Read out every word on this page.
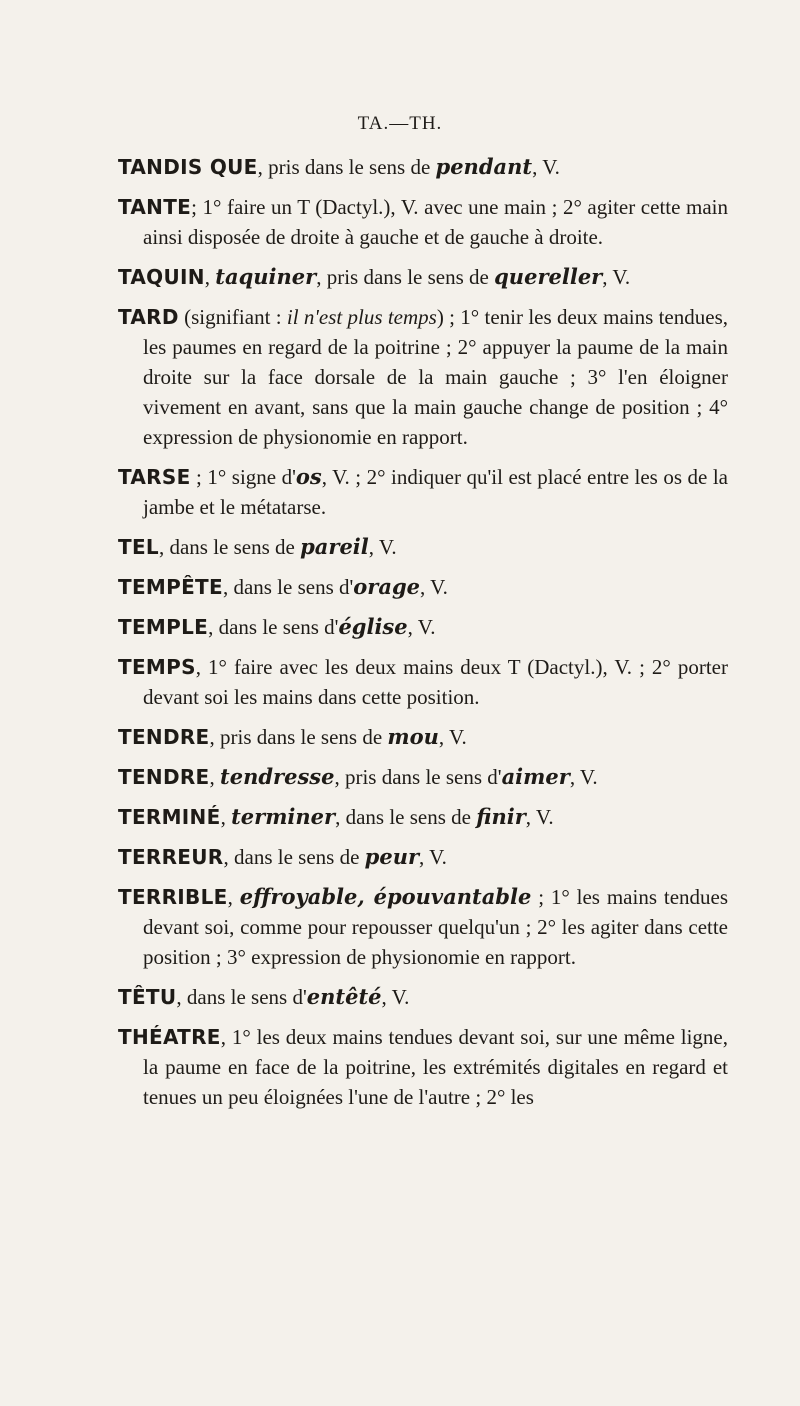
TA.—TH.

TANDIS QUE, pris dans le sens de pendant, V.

TANTE; 1° faire un T (Dactyl.), V. avec une main ; 2° agiter cette main ainsi disposée de droite à gauche et de gauche à droite.

TAQUIN, taquiner, pris dans le sens de quereller, V.

TARD (signifiant : il n'est plus temps) ; 1° tenir les deux mains tendues, les paumes en regard de la poitrine ; 2° appuyer la paume de la main droite sur la face dorsale de la main gauche ; 3° l'en éloigner vivement en avant, sans que la main gauche change de position ; 4° expression de physionomie en rapport.

TARSE ; 1° signe d'os, V. ; 2° indiquer qu'il est placé entre les os de la jambe et le métatarse.

TEL, dans le sens de pareil, V.

TEMPÊTE, dans le sens d'orage, V.

TEMPLE, dans le sens d'église, V.

TEMPS, 1° faire avec les deux mains deux T (Dactyl.), V. ; 2° porter devant soi les mains dans cette position.

TENDRE, pris dans le sens de mou, V.

TENDRE, tendresse, pris dans le sens d'aimer, V.

TERMINÉ, terminer, dans le sens de finir, V.

TERREUR, dans le sens de peur, V.

TERRIBLE, effroyable, épouvantable ; 1° les mains tendues devant soi, comme pour repousser quelqu'un ; 2° les agiter dans cette position ; 3° expression de physionomie en rapport.

TÊTU, dans le sens d'entêté, V.

THÉATRE, 1° les deux mains tendues devant soi, sur une même ligne, la paume en face de la poitrine, les extrémités digitales en regard et tenues un peu éloignées l'une de l'autre ; 2° les
